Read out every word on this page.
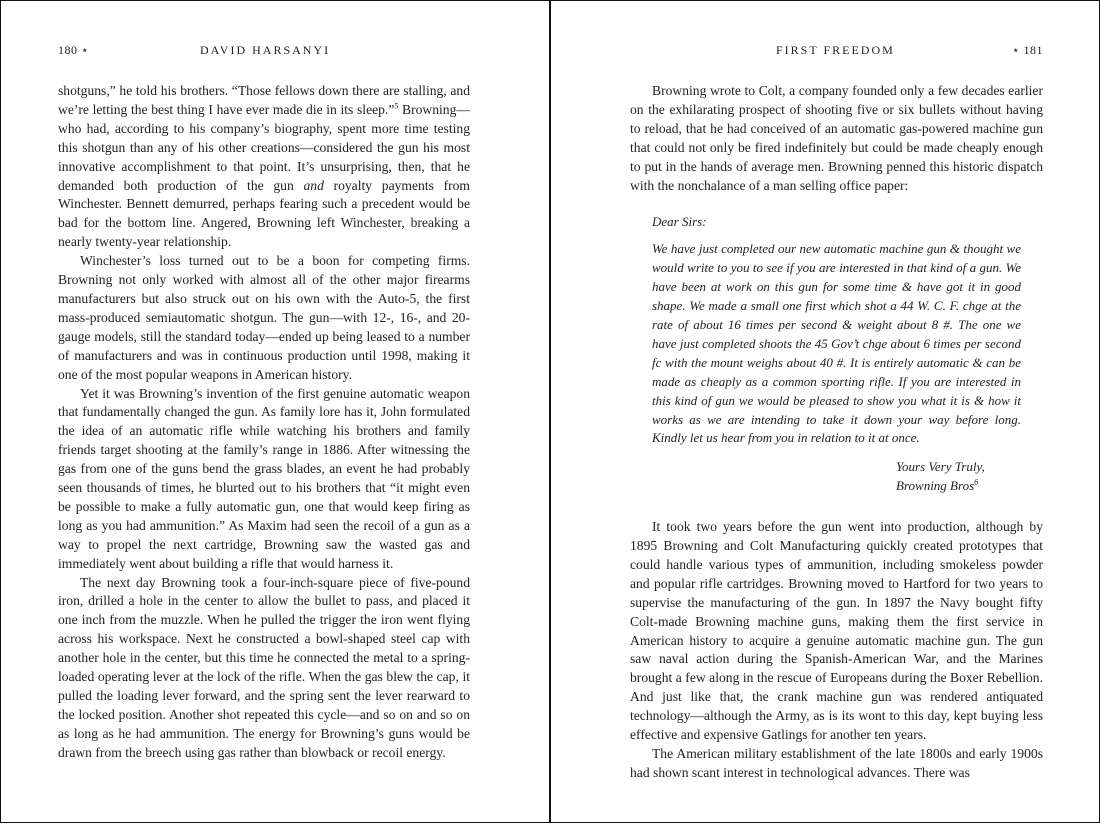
180 ⋆	DAVID HARSANYI

shotguns,” he told his brothers. “Those fellows down there are stalling, and we’re letting the best thing I have ever made die in its sleep.”$^5$ Browning—who had, according to his company’s biography, spent more time testing this shotgun than any of his other creations—considered the gun his most innovative accomplishment to that point. It’s unsurprising, then, that he demanded both production of the gun and royalty payments from Winchester. Bennett demurred, perhaps fearing such a precedent would be bad for the bottom line. Angered, Browning left Winchester, breaking a nearly twenty-year relationship.

Winchester’s loss turned out to be a boon for competing firms. Browning not only worked with almost all of the other major firearms manufacturers but also struck out on his own with the Auto-5, the first mass-produced semiautomatic shotgun. The gun—with 12-, 16-, and 20-gauge models, still the standard today—ended up being leased to a number of manufacturers and was in continuous production until 1998, making it one of the most popular weapons in American history.

Yet it was Browning’s invention of the first genuine automatic weapon that fundamentally changed the gun. As family lore has it, John formulated the idea of an automatic rifle while watching his brothers and family friends target shooting at the family’s range in 1886. After witnessing the gas from one of the guns bend the grass blades, an event he had probably seen thousands of times, he blurted out to his brothers that “it might even be possible to make a fully automatic gun, one that would keep firing as long as you had ammunition.” As Maxim had seen the recoil of a gun as a way to propel the next cartridge, Browning saw the wasted gas and immediately went about building a rifle that would harness it.

The next day Browning took a four-inch-square piece of five-pound iron, drilled a hole in the center to allow the bullet to pass, and placed it one inch from the muzzle. When he pulled the trigger the iron went flying across his workspace. Next he constructed a bowl-shaped steel cap with another hole in the center, but this time he connected the metal to a spring-loaded operating lever at the lock of the rifle. When the gas blew the cap, it pulled the loading lever forward, and the spring sent the lever rearward to the locked position. Another shot repeated this cycle—and so on and so on as long as he had ammunition. The energy for Browning’s guns would be drawn from the breech using gas rather than blowback or recoil energy.

FIRST FREEDOM	⋆ 181

Browning wrote to Colt, a company founded only a few decades earlier on the exhilarating prospect of shooting five or six bullets without having to reload, that he had conceived of an automatic gas-powered machine gun that could not only be fired indefinitely but could be made cheaply enough to put in the hands of average men. Browning penned this historic dispatch with the nonchalance of a man selling office paper:

Dear Sirs:
We have just completed our new automatic machine gun & thought we would write to you to see if you are interested in that kind of a gun. We have been at work on this gun for some time & have got it in good shape. We made a small one first which shot a 44 W. C. F. chge at the rate of about 16 times per second & weight about 8 #. The one we have just completed shoots the 45 Gov’t chge about 6 times per second fc with the mount weighs about 40 #. It is entirely automatic & can be made as cheaply as a common sporting rifle. If you are interested in this kind of gun we would be pleased to show you what it is & how it works as we are intending to take it down your way before long. Kindly let us hear from you in relation to it at once.
Yours Very Truly,
Browning Bros$^6$

It took two years before the gun went into production, although by 1895 Browning and Colt Manufacturing quickly created prototypes that could handle various types of ammunition, including smokeless powder and popular rifle cartridges. Browning moved to Hartford for two years to supervise the manufacturing of the gun. In 1897 the Navy bought fifty Colt-made Browning machine guns, making them the first service in American history to acquire a genuine automatic machine gun. The gun saw naval action during the Spanish-American War, and the Marines brought a few along in the rescue of Europeans during the Boxer Rebellion. And just like that, the crank machine gun was rendered antiquated technology—although the Army, as is its wont to this day, kept buying less effective and expensive Gatlings for another ten years.

The American military establishment of the late 1800s and early 1900s had shown scant interest in technological advances. There was
